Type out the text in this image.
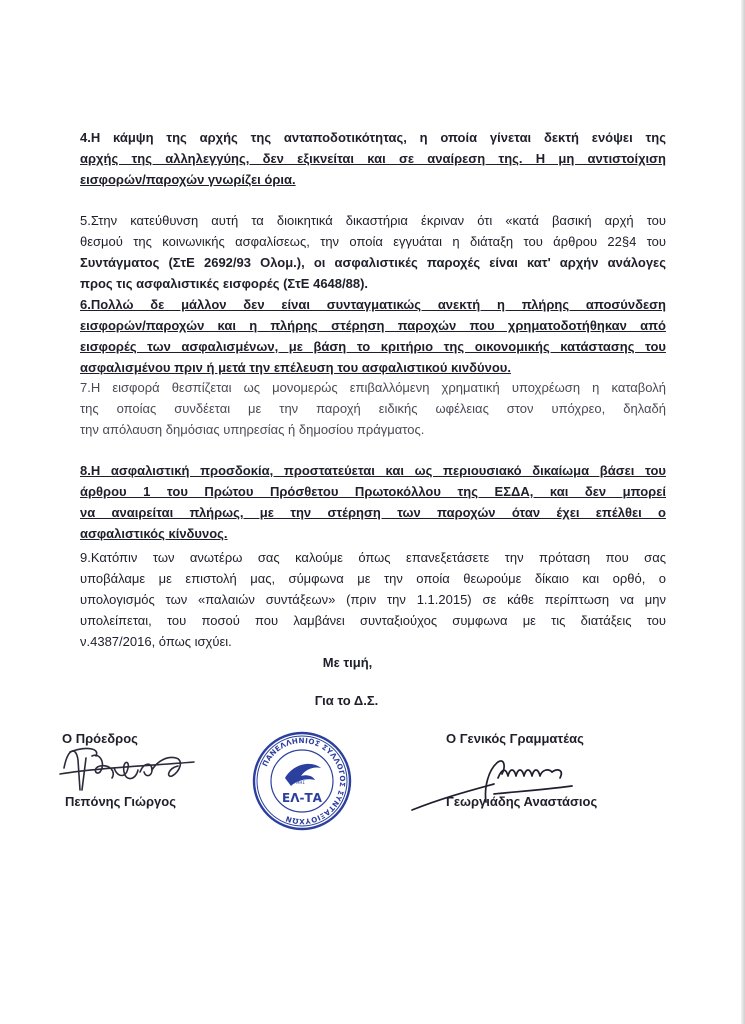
4.Η κάμψη της αρχής της ανταποδοτικότητας, η οποία γίνεται δεκτή ενόψει της
αρχής της αλληλεγγύης, δεν εξικνείται και σε αναίρεση της. Η μη αντιστοίχιση
εισφορών/παροχών γνωρίζει όρια.

5.Στην κατεύθυνση αυτή τα διοικητικά δικαστήρια έκριναν ότι «κατά βασική αρχή του
θεσμού της κοινωνικής ασφαλίσεως, την οποία εγγυάται η διάταξη του άρθρου 22§4 του
Συντάγματος (ΣτΕ 2692/93 Ολομ.), οι ασφαλιστικές παροχές είναι κατ' αρχήν ανάλογες
προς τις ασφαλιστικές εισφορές (ΣτΕ 4648/88).

6.Πολλώ δε μάλλον δεν είναι συνταγματικώς ανεκτή η πλήρης αποσύνδεση
εισφορών/παροχών και η πλήρης στέρηση παροχών που χρηματοδοτήθηκαν από
εισφορές των ασφαλισμένων, με βάση το κριτήριο της οικονομικής κατάστασης του
ασφαλισμένου πριν ή μετά την επέλευση του ασφαλιστικού κινδύνου.

7.Η εισφορά θεσπίζεται ως μονομερώς επιβαλλόμενη χρηματική υποχρέωση η καταβολή
της οποίας συνδέεται με την παροχή ειδικής ωφέλειας στον υπόχρεο, δηλαδή
την απόλαυση δημόσιας υπηρεσίας ή δημοσίου πράγματος.

8.Η ασφαλιστική προσδοκία, προστατεύεται και ως περιουσιακό δικαίωμα βάσει του
άρθρου 1 του Πρώτου Πρόσθετου Πρωτοκόλλου της ΕΣΔΑ, και δεν μπορεί
να αναιρείται πλήρως, με την στέρηση των παροχών όταν έχει επέλθει ο
ασφαλιστικός κίνδυνος.

9.Κατόπιν των ανωτέρω σας καλούμε όπως επανεξετάσετε την πρόταση που σας
υποβάλαμε με επιστολή μας, σύμφωνα με την οποία θεωρούμε δίκαιο και ορθό, ο
υπολογισμός των «παλαιών συντάξεων» (πριν την 1.1.2015) σε κάθε περίπτωση να μην
υπολείπεται, του ποσού που λαμβάνει συνταξιούχος συμφωνα με τις διατάξεις του
ν.4387/2016, όπως ισχύει.

Με τιμή,

Για το Δ.Σ.

Ο Πρόεδρος	Ο Γενικός Γραμματέας

Πεπόνης Γιώργος	Γεωργιάδης Αναστάσιος

ΠΑΝΕΛΛΗΝΙΟΣ ΣΥΛΛΟΓΟΣ ΣΥΝΤΑΞΙΟΥΧΩΝ
ΕΡΜΗΣ
ΕΛ-ΤΑ
